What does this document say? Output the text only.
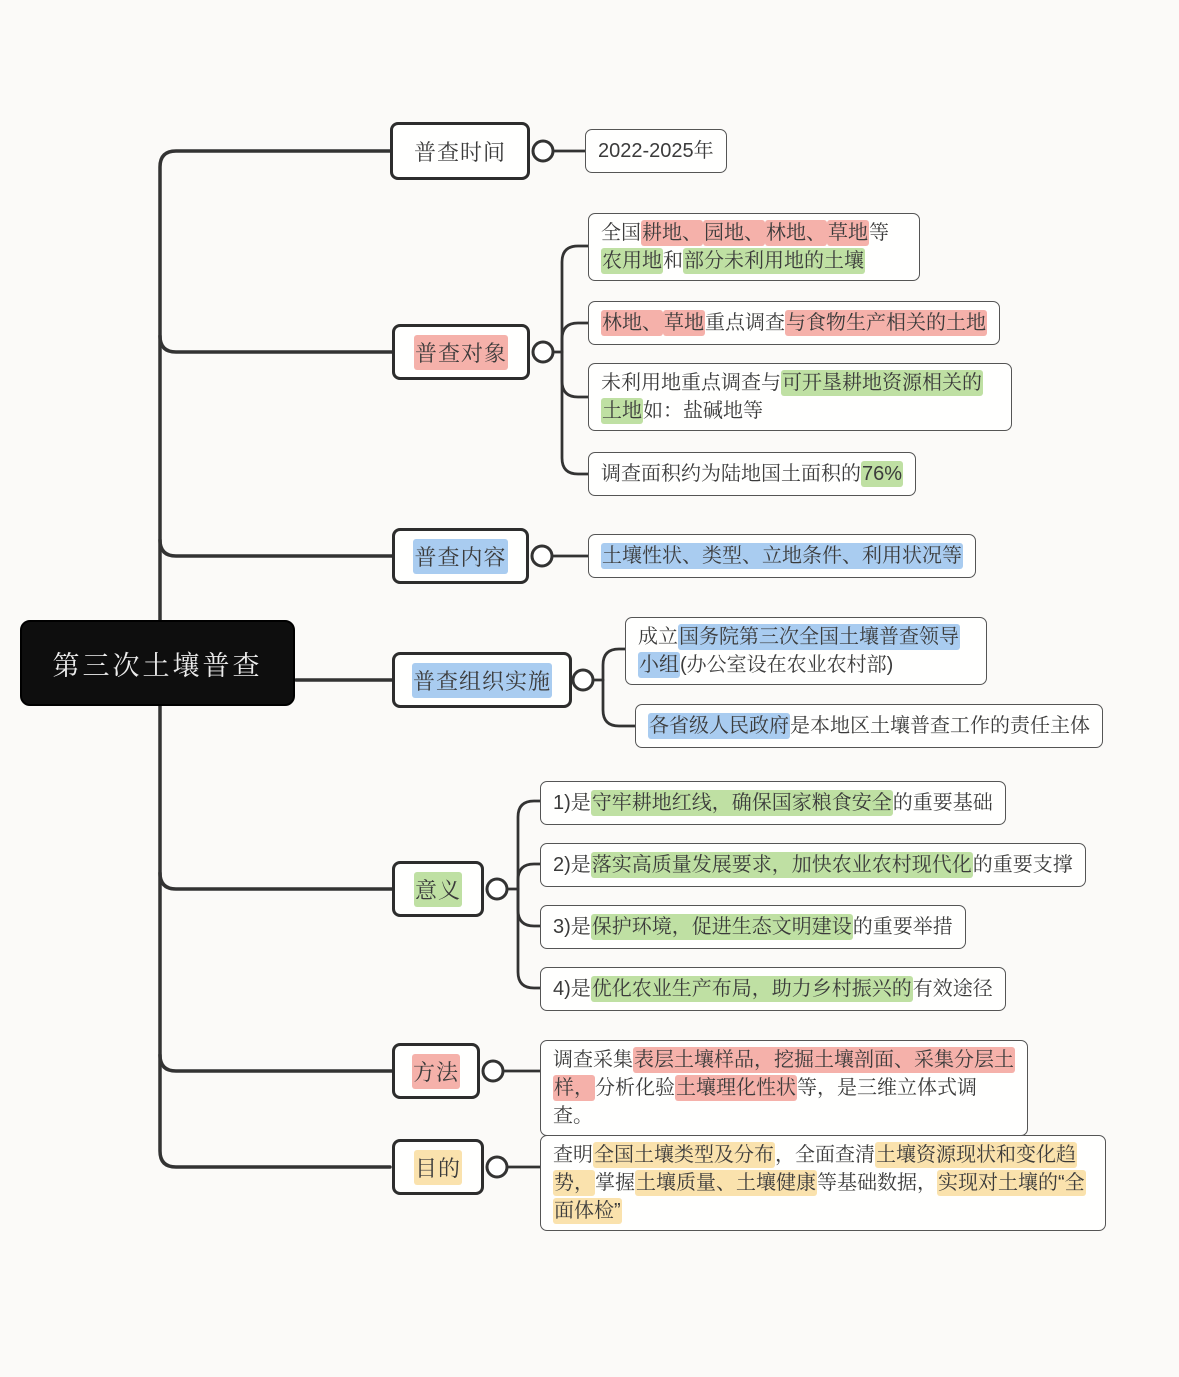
第三次土壤普查
普查时间	2022-2025年
普查对象
全国耕地、 园地、 林地、 草地等农用地和部分未利用地的土壤
林地、 草地重点调查与食物生产相关的土地
未利用地重点调查与可开垦耕地资源相关的土地如：盐碱地等
调查面积约为陆地国土面积的76%
普查内容	土壤性状、类型、立地条件、利用状况等
普查组织实施
成立国务院第三次全国土壤普查领导小组(办公室设在农业农村部)
各省级人民政府是本地区土壤普查工作的责任主体
意义
1)是守牢耕地红线，确保国家粮食安全的重要基础
2)是落实高质量发展要求，加快农业农村现代化的重要支撑
3)是保护环境，促进生态文明建设的重要举措
4)是优化农业生产布局，助力乡村振兴的有效途径
方法	调查采集表层土壤样品，挖掘土壤剖面、采集分层土样，分析化验土壤理化性状等，是三维立体式调查。
目的
查明全国土壤类型及分布，全面查清土壤资源现状和变化趋势，掌握土壤质量、土壤健康等基础数据，实现对土壤的“全面体检”
